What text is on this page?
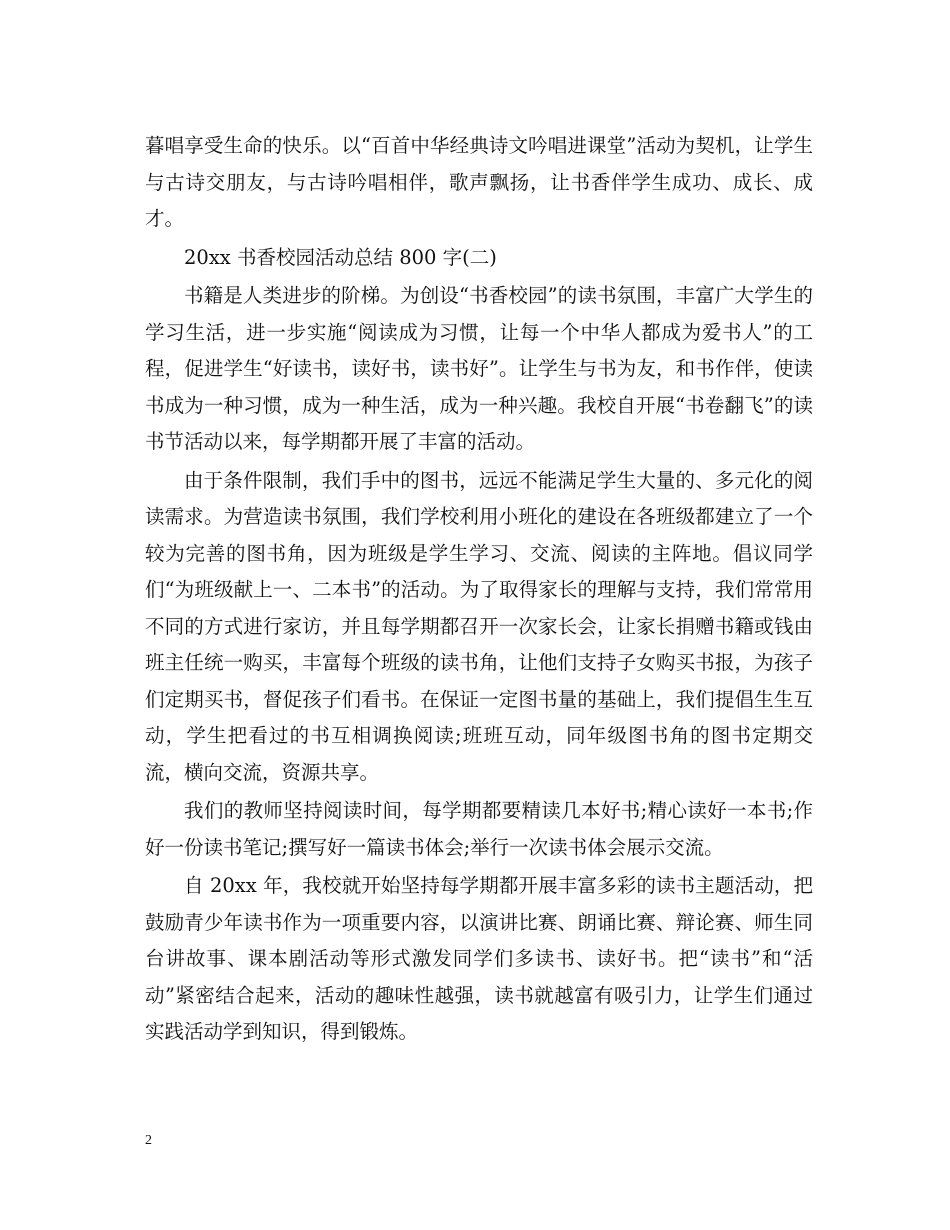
暮唱享受生命的快乐。以“百首中华经典诗文吟唱进课堂”活动为契机，让学生与古诗交朋友，与古诗吟唱相伴，歌声飘扬，让书香伴学生成功、成长、成才。

20xx 书香校园活动总结 800 字(二)

书籍是人类进步的阶梯。为创设“书香校园”的读书氛围，丰富广大学生的学习生活，进一步实施“阅读成为习惯，让每一个中华人都成为爱书人”的工程，促进学生“好读书，读好书，读书好”。让学生与书为友，和书作伴，使读书成为一种习惯，成为一种生活，成为一种兴趣。我校自开展“书卷翻飞”的读书节活动以来，每学期都开展了丰富的活动。

由于条件限制，我们手中的图书，远远不能满足学生大量的、多元化的阅读需求。为营造读书氛围，我们学校利用小班化的建设在各班级都建立了一个较为完善的图书角，因为班级是学生学习、交流、阅读的主阵地。倡议同学们“为班级献上一、二本书”的活动。为了取得家长的理解与支持，我们常常用不同的方式进行家访，并且每学期都召开一次家长会，让家长捐赠书籍或钱由班主任统一购买，丰富每个班级的读书角，让他们支持子女购买书报，为孩子们定期买书，督促孩子们看书。在保证一定图书量的基础上，我们提倡生生互动，学生把看过的书互相调换阅读;班班互动，同年级图书角的图书定期交流，横向交流，资源共享。

我们的教师坚持阅读时间，每学期都要精读几本好书;精心读好一本书;作好一份读书笔记;撰写好一篇读书体会;举行一次读书体会展示交流。

自 20xx 年，我校就开始坚持每学期都开展丰富多彩的读书主题活动，把鼓励青少年读书作为一项重要内容，以演讲比赛、朗诵比赛、辩论赛、师生同台讲故事、课本剧活动等形式激发同学们多读书、读好书。把“读书”和“活动”紧密结合起来，活动的趣味性越强，读书就越富有吸引力，让学生们通过实践活动学到知识，得到锻炼。

2
